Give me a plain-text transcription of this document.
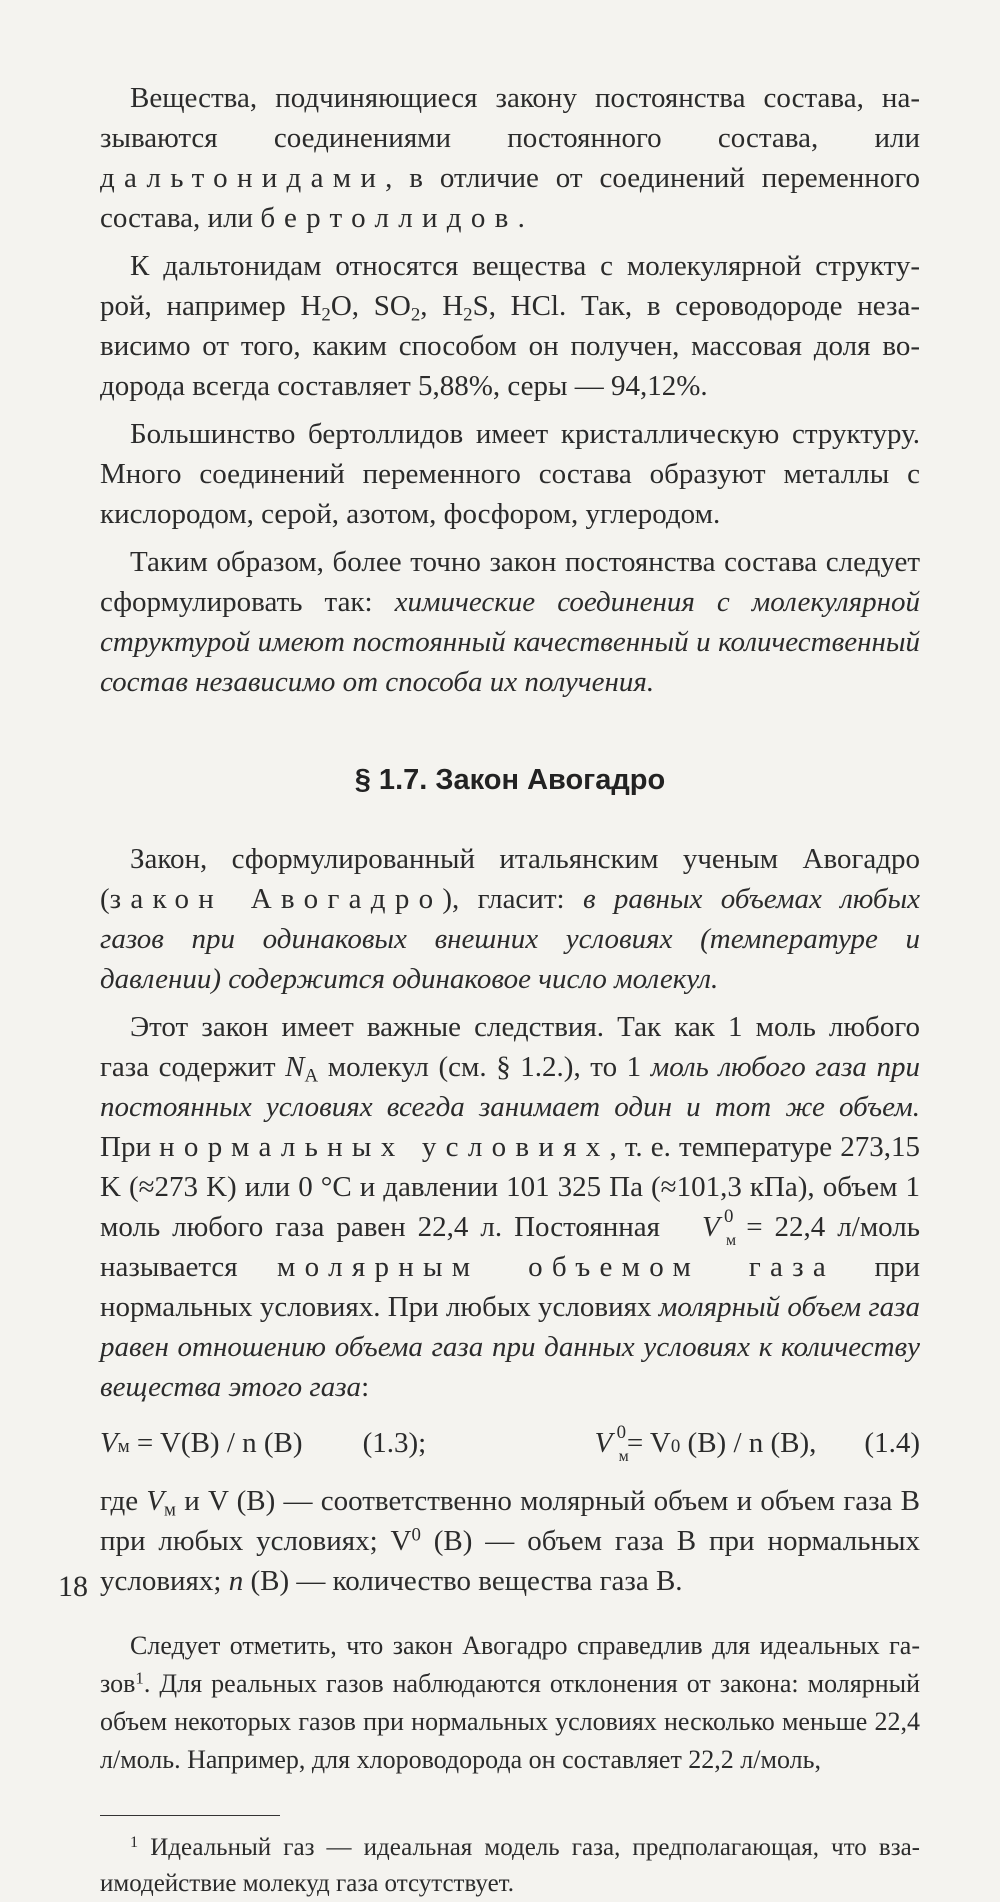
Вещества, подчиняющиеся закону постоянства состава, называются соединениями постоянного состава, или дальтонидами, в отличие от соединений переменного состава, или бертоллидов.

К дальтонидам относятся вещества с молекулярной структурой, например $H_2O$, $SO_2$, $H_2S$, HCl. Так, в сероводороде независимо от того, каким способом он получен, массовая доля водорода всегда составляет 5,88%, серы — 94,12%.

Большинство бертоллидов имеет кристаллическую структуру. Много соединений переменного состава образуют металлы с кислородом, серой, азотом, фосфором, углеродом.

Таким образом, более точно закон постоянства состава следует сформулировать так: химические соединения с молекулярной структурой имеют постоянный качественный и количественный состав независимо от способа их получения.

§ 1.7. Закон Авогадро

Закон, сформулированный итальянским ученым Авогадро (закон Авогадро), гласит: в равных объемах любых газов при одинаковых внешних условиях (температуре и давлении) содержится одинаковое число молекул.

Этот закон имеет важные следствия. Так как 1 моль любого газа содержит $N_A$ молекул (см. § 1.2.), то 1 моль любого газа при постоянных условиях всегда занимает один и тот же объем. При нормальных условиях, т. е. температуре 273,15 K (≈273 K) или 0 °C и давлении 101 325 Па (≈101,3 кПа), объем 1 моль любого газа равен 22,4 л. Постоянная V 0
м
= 22,4 л/моль называется молярным объемом газа при нормальных условиях. При любых условиях молярный объем газа равен отношению объема газа при данных условиях к количеству вещества этого газа:

V м
= V(B) / n (B) (1.3);	V 0
м

= V 0
(B) / n (B), (1.4)

где $V_м$ и V (B) — соответственно молярный объем и объем газа B при любых условиях; $V^0$ (B) — объем газа B при нормальных условиях; n (B) — количество вещества газа B.

Следует отметить, что закон Авогадро справедлив для идеальных газов$^1$. Для реальных газов наблюдаются отклонения от закона: молярный объем некоторых газов при нормальных условиях несколько меньше 22,4 л/моль. Например, для хлороводорода он составляет 22,2 л/моль,

$^1$ Идеальный газ — идеальная модель газа, предполагающая, что взаимодействие молекуд газа отсутствует.

18
